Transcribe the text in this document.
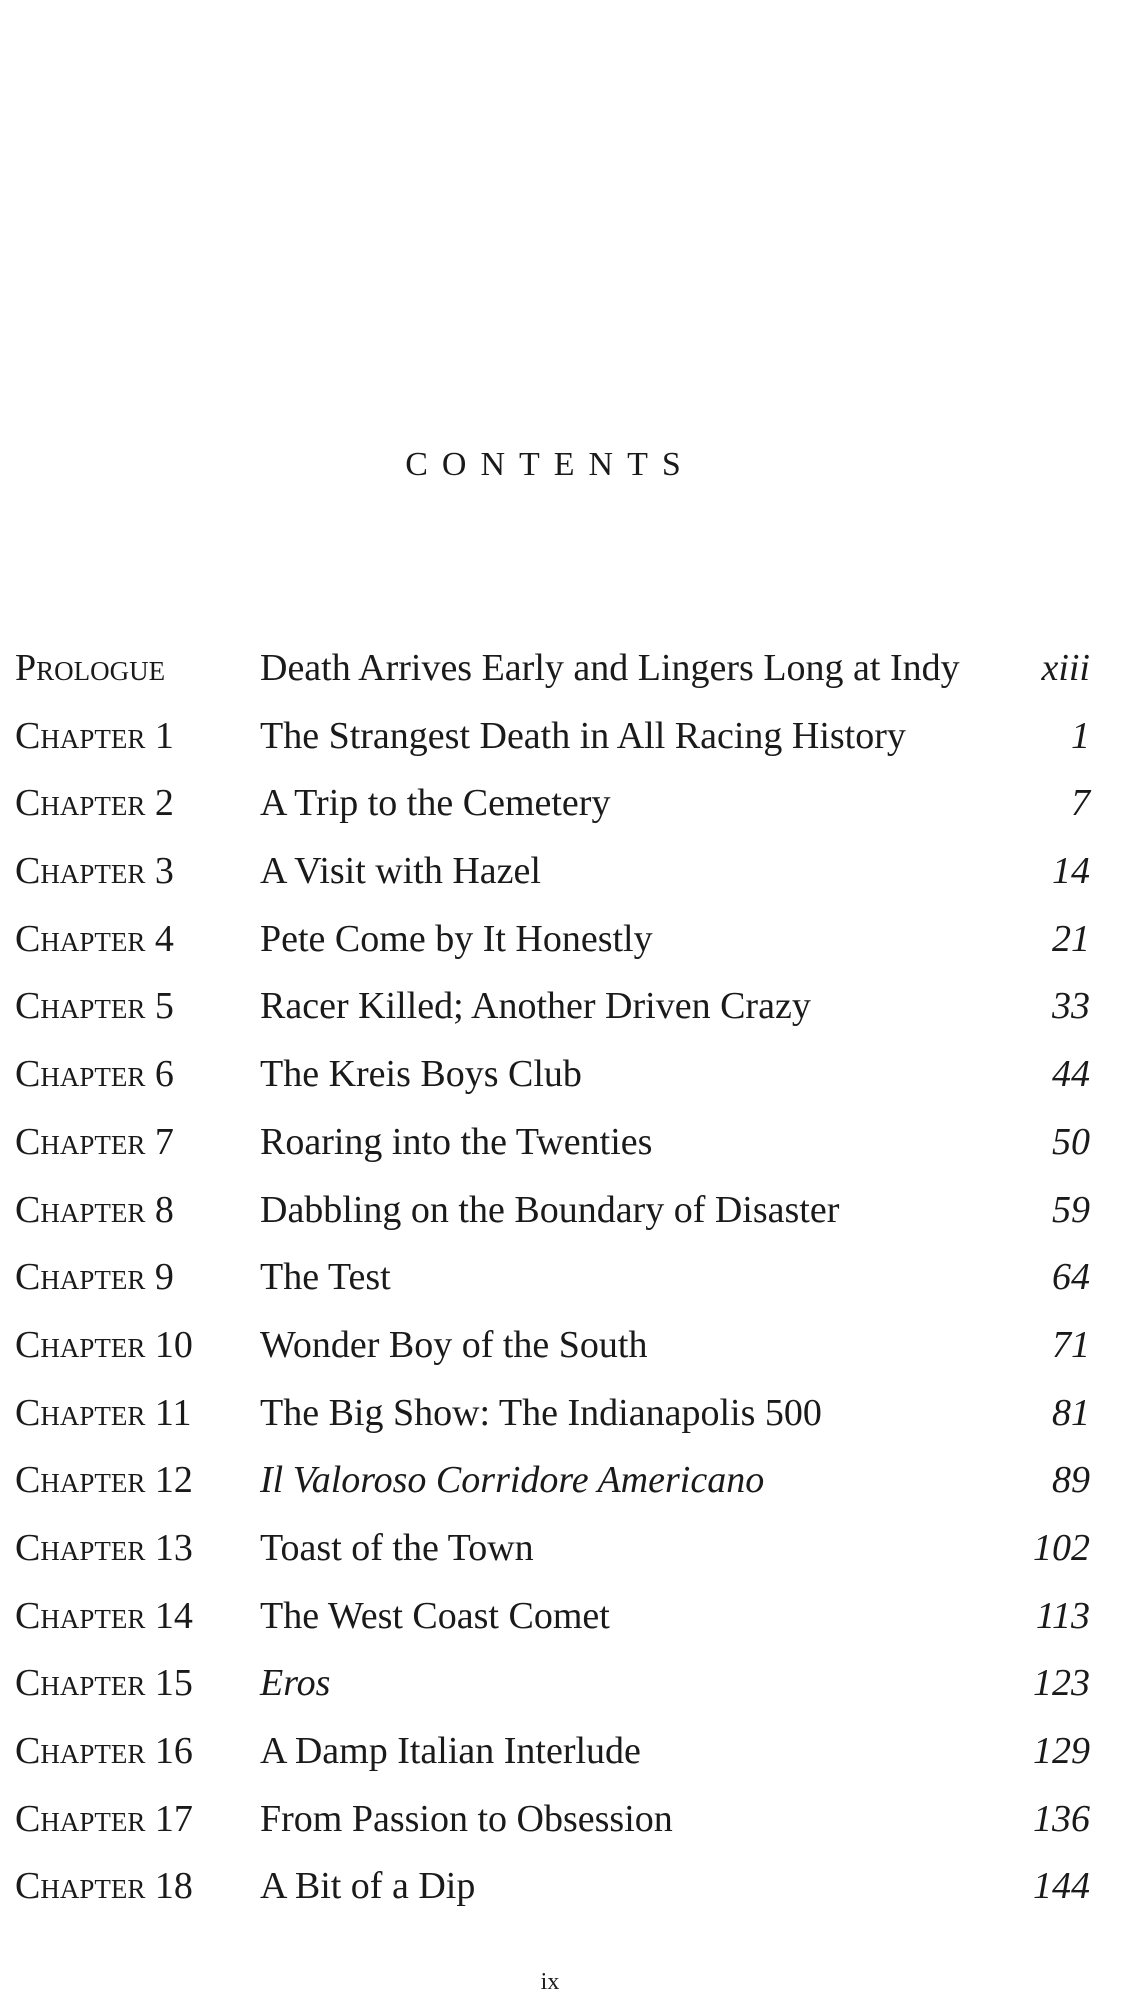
CONTENTS
Prologue Death Arrives Early and Lingers Long at Indy xiii
Chapter 1 The Strangest Death in All Racing History	1
Chapter 2 A Trip to the Cemetery	7
Chapter 3 A Visit with Hazel	14
Chapter 4 Pete Come by It Honestly	21
Chapter 5 Racer Killed; Another Driven Crazy	33
Chapter 6 The Kreis Boys Club	44
Chapter 7 Roaring into the Twenties	50
Chapter 8 Dabbling on the Boundary of Disaster	59
Chapter 9 The Test	64
Chapter 10 Wonder Boy of the South	71
Chapter 11 The Big Show: The Indianapolis 500	81
Chapter 12 Il Valoroso Corridore Americano	89
Chapter 13 Toast of the Town	102
Chapter 14 The West Coast Comet	113
Chapter 15 Eros	123
Chapter 16 A Damp Italian Interlude	129
Chapter 17 From Passion to Obsession	136
Chapter 18 A Bit of a Dip	144
ix
